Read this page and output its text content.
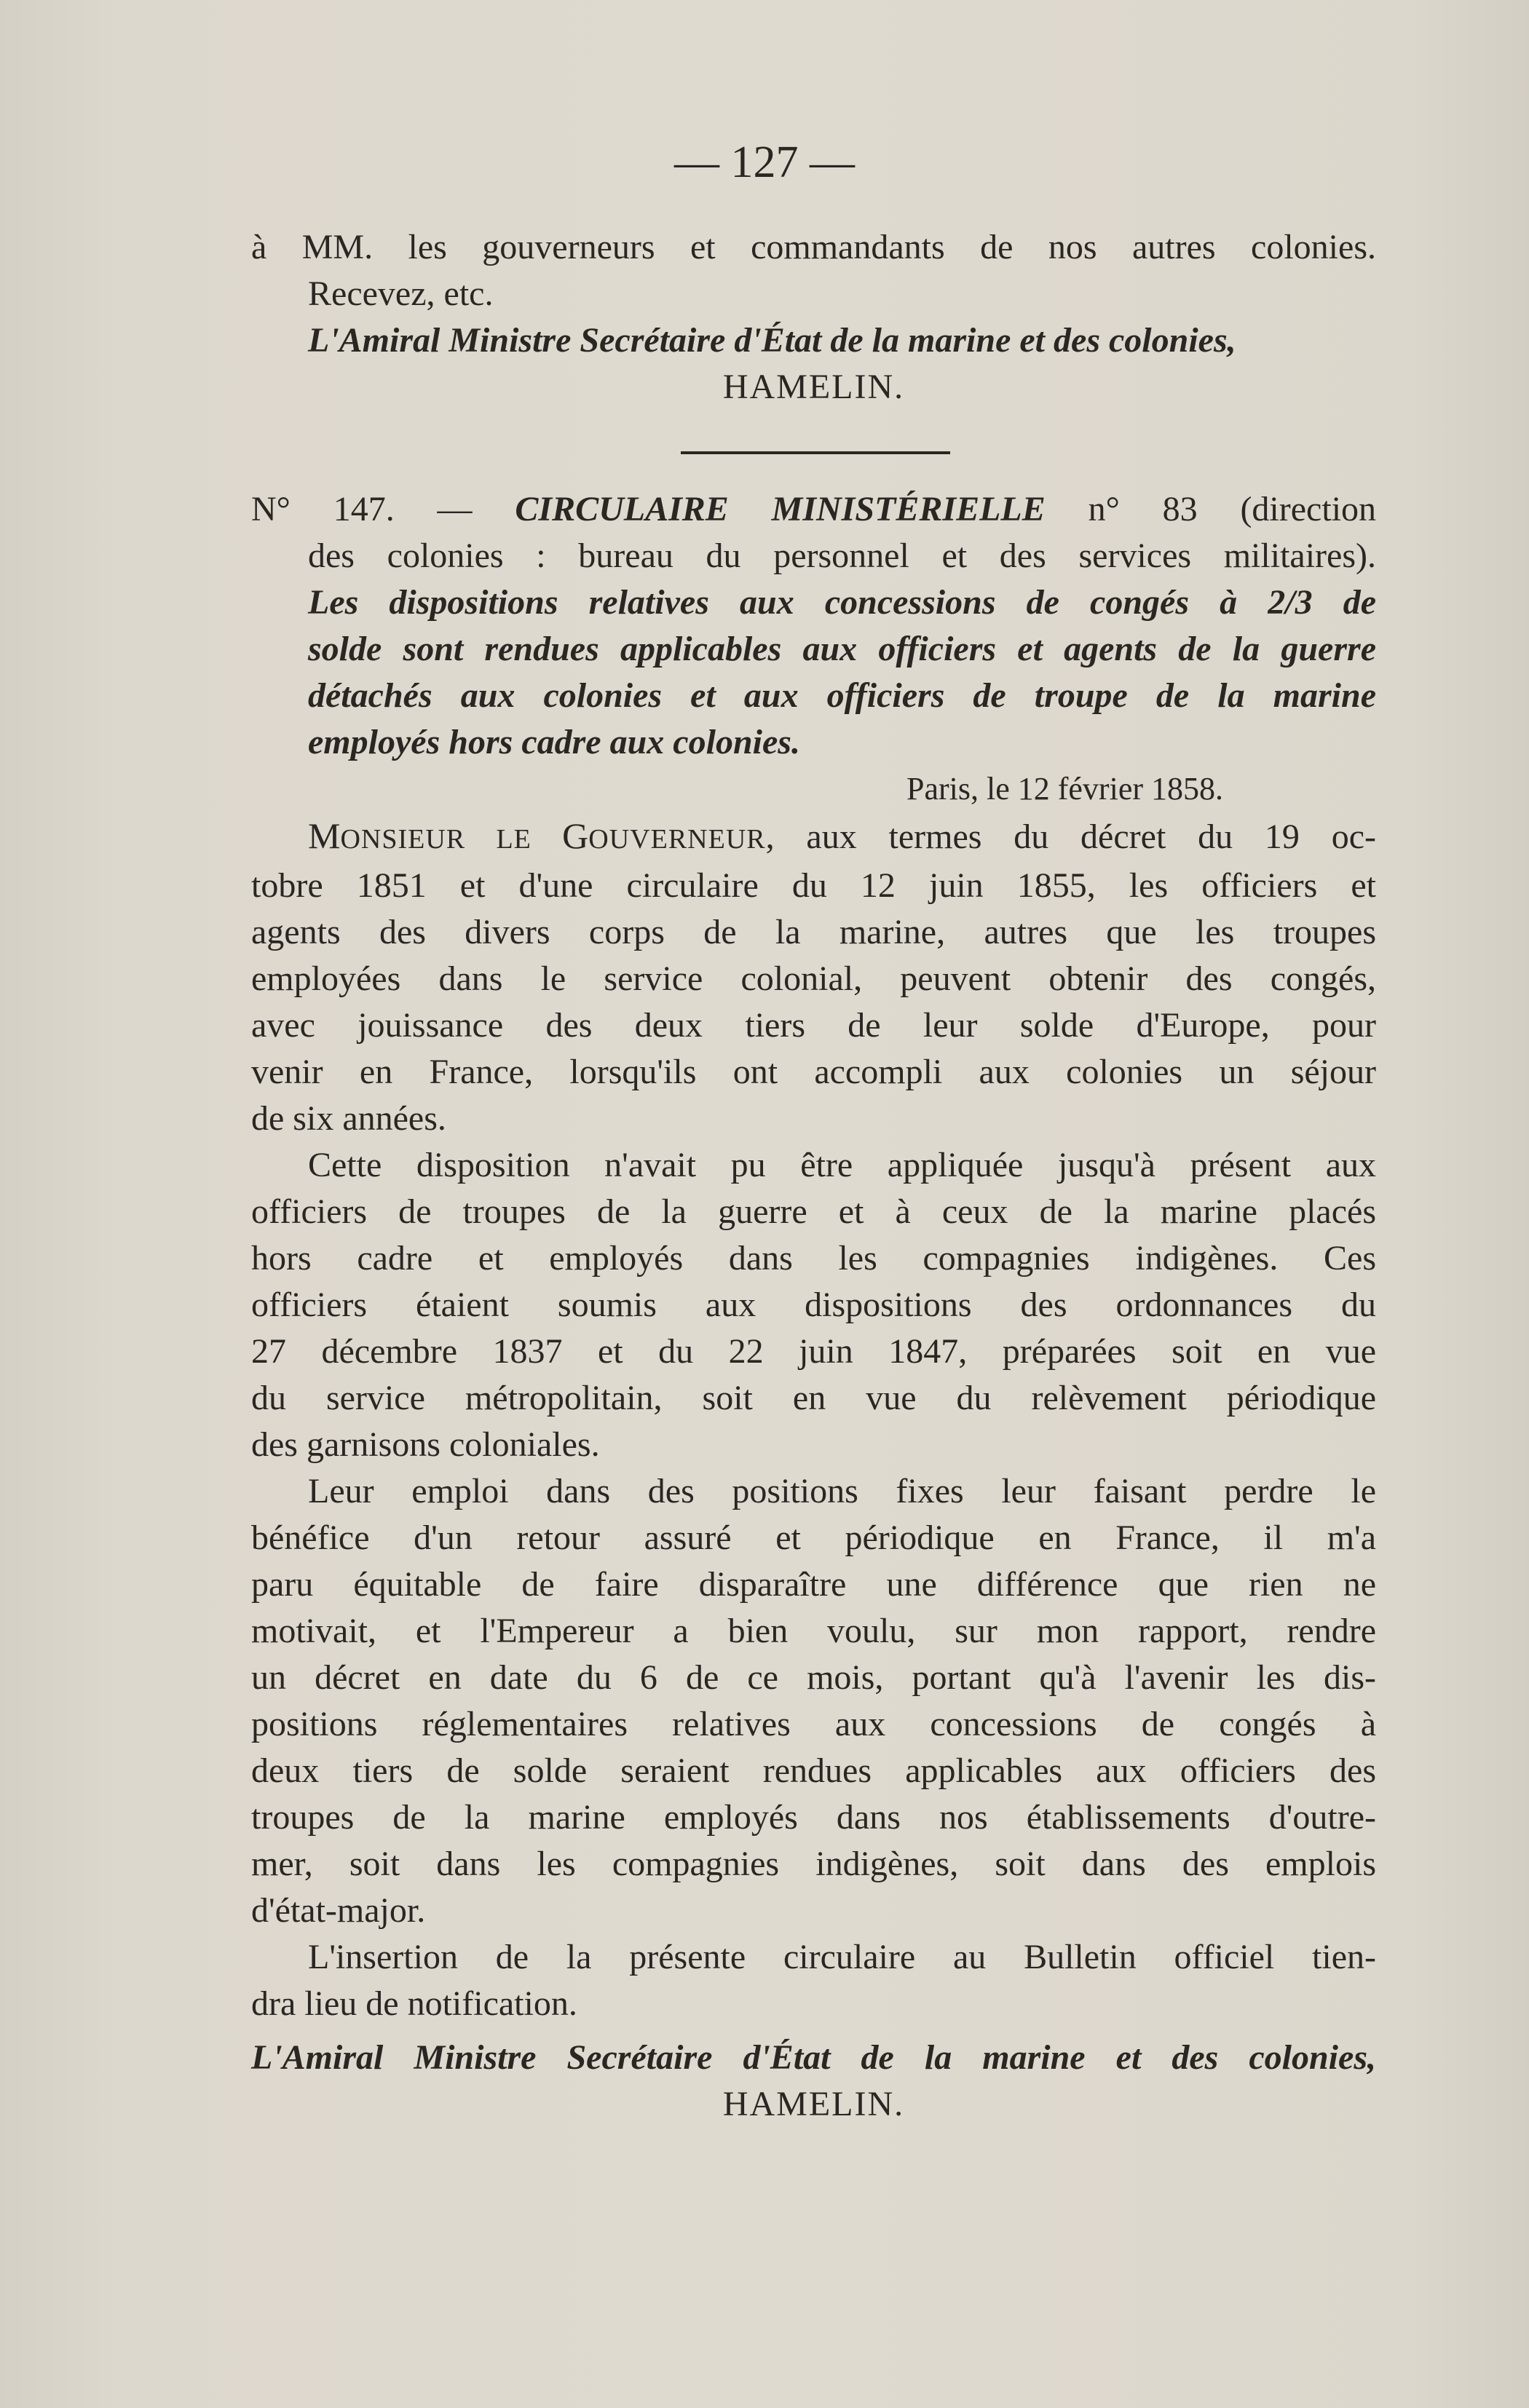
— 127 —
à MM. les gouverneurs et commandants de nos autres colonies.
Recevez, etc.
L'Amiral Ministre Secrétaire d'État de la marine et des colonies,
HAMELIN.
N° 147. — CIRCULAIRE MINISTÉRIELLE n° 83 (direction
des colonies : bureau du personnel et des services militaires).
Les dispositions relatives aux concessions de congés à 2/3 de
solde sont rendues applicables aux officiers et agents de la guerre
détachés aux colonies et aux officiers de troupe de la marine
employés hors cadre aux colonies.
Paris, le 12 février 1858.
MONSIEUR LE GOUVERNEUR, aux termes du décret du 19 oc-
tobre 1851 et d'une circulaire du 12 juin 1855, les officiers et
agents des divers corps de la marine, autres que les troupes
employées dans le service colonial, peuvent obtenir des congés,
avec jouissance des deux tiers de leur solde d'Europe, pour
venir en France, lorsqu'ils ont accompli aux colonies un séjour
de six années.
Cette disposition n'avait pu être appliquée jusqu'à présent aux
officiers de troupes de la guerre et à ceux de la marine placés
hors cadre et employés dans les compagnies indigènes. Ces
officiers étaient soumis aux dispositions des ordonnances du
27 décembre 1837 et du 22 juin 1847, préparées soit en vue
du service métropolitain, soit en vue du relèvement périodique
des garnisons coloniales.
Leur emploi dans des positions fixes leur faisant perdre le
bénéfice d'un retour assuré et périodique en France, il m'a
paru équitable de faire disparaître une différence que rien ne
motivait, et l'Empereur a bien voulu, sur mon rapport, rendre
un décret en date du 6 de ce mois, portant qu'à l'avenir les dis-
positions réglementaires relatives aux concessions de congés à
deux tiers de solde seraient rendues applicables aux officiers des
troupes de la marine employés dans nos établissements d'outre-
mer, soit dans les compagnies indigènes, soit dans des emplois
d'état-major.
L'insertion de la présente circulaire au Bulletin officiel tien-
dra lieu de notification.
L'Amiral Ministre Secrétaire d'État de la marine et des colonies,
HAMELIN.
